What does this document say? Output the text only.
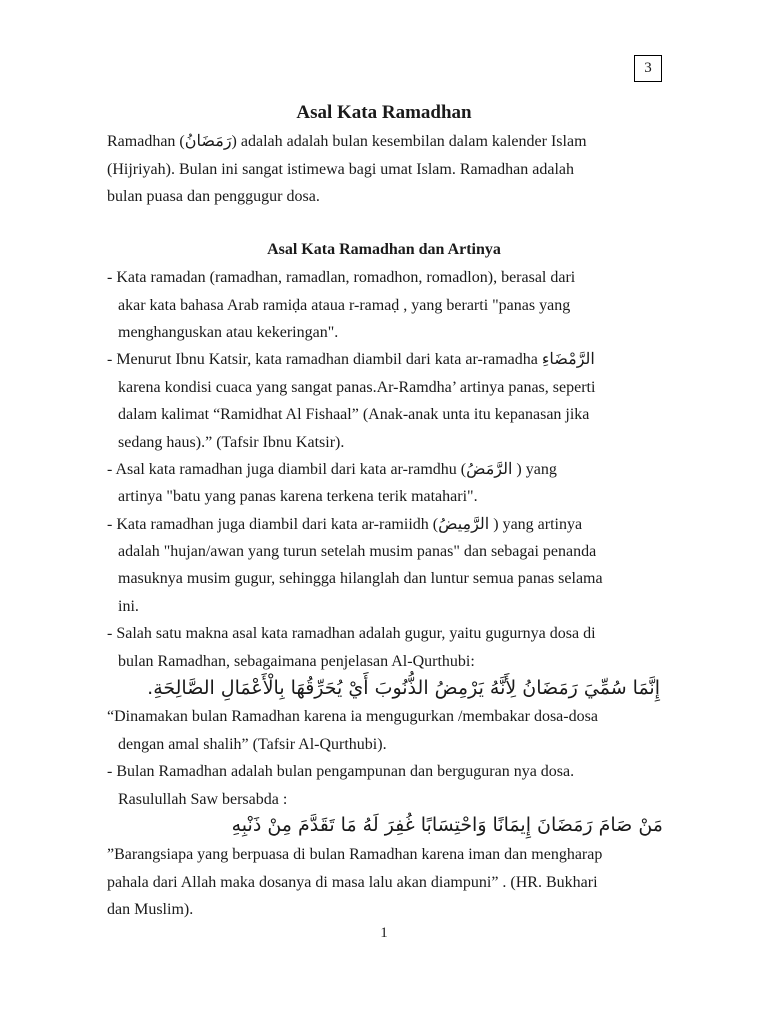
3
Asal Kata Ramadhan
Ramadhan (رَمَضَانُ) adalah adalah bulan kesembilan dalam kalender Islam
(Hijriyah). Bulan ini sangat istimewa bagi umat Islam. Ramadhan adalah
bulan puasa dan penggugur dosa.
Asal Kata Ramadhan dan Artinya
- Kata ramadan (ramadhan, ramadlan, romadhon, romadlon), berasal dari
akar kata bahasa Arab ramiḍa ataua r-ramaḍ , yang berarti "panas yang
menghanguskan atau kekeringan".
- Menurut Ibnu Katsir, kata ramadhan diambil dari kata ar-ramadha الرَّمْضَاءِ
karena kondisi cuaca yang sangat panas.Ar-Ramdha’ artinya panas, seperti
dalam kalimat “Ramidhat Al Fishaal” (Anak-anak unta itu kepanasan jika
sedang haus).” (Tafsir Ibnu Katsir).
- Asal kata ramadhan juga diambil dari kata ar-ramdhu (الرَّمَضُ ) yang
artinya "batu yang panas karena terkena terik matahari".
- Kata ramadhan juga diambil dari kata ar-ramiidh (الرَّمِيضُ ) yang artinya
adalah "hujan/awan yang turun setelah musim panas" dan sebagai penanda
masuknya musim gugur, sehingga hilanglah dan luntur semua panas selama
ini.
- Salah satu makna asal kata ramadhan adalah gugur, yaitu gugurnya dosa di
bulan Ramadhan, sebagaimana penjelasan Al-Qurthubi:
إِنَّمَا سُمِّيَ رَمَضَانُ لِأَنَّهُ يَرْمِضُ الذُّنُوبَ أَيْ يُحَرِّقُهَا بِالْأَعْمَالِ الصَّالِحَةِ.
“Dinamakan bulan Ramadhan karena ia mengugurkan /membakar dosa-dosa
dengan amal shalih” (Tafsir Al-Qurthubi).
- Bulan Ramadhan adalah bulan pengampunan dan berguguran nya dosa.
Rasulullah Saw bersabda :
مَنْ صَامَ رَمَضَانَ إِيمَانًا وَاحْتِسَابًا غُفِرَ لَهُ مَا تَقَدَّمَ مِنْ ذَنْبِهِ
”Barangsiapa yang berpuasa di bulan Ramadhan karena iman dan mengharap
pahala dari Allah maka dosanya di masa lalu akan diampuni” . (HR. Bukhari
dan Muslim).
1
